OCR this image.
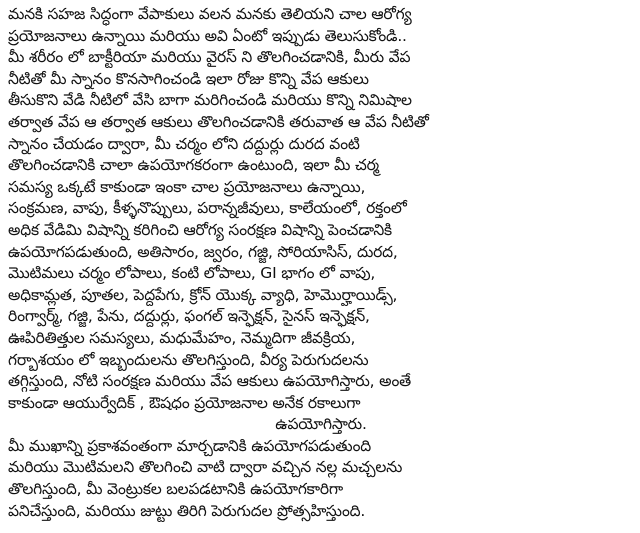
మనకి సహజ సిద్ధంగా వేపాకులు వలన మనకు తెలియని చాల ఆరోగ్య
ప్రయోజనాలు ఉన్నాయి మరియు అవి ఏంటో ఇప్పుడు తెలుసుకోండి..
మీ శరీరం లో బాక్టీరియా మరియు వైరస్ ని తొలగించడానికి, మీరు వేప
నీటితో మీ స్నానం కొనసాగించండి ఇలా రోజు కొన్ని వేప ఆకులు
తీసుకొని వేడి నీటిలో వేసి బాగా మరిగించండి మరియు కొన్ని నిమిషాల
తర్వాత వేప ఆ తర్వాత ఆకులు తొలగించడానికి తరువాత ఆ వేప నీటితో
స్నానం చేయడం ద్వారా, మీ చర్మం లోని దద్దుర్లు దురద వంటి
తొలగించడానికి చాలా ఉపయోగకరంగా ఉంటుంది, ఇలా మీ చర్మ
సమస్య ఒక్కటే కాకుండా ఇంకా చాల ప్రయోజనాలు ఉన్నాయి,
సంక్రమణ, వాపు, కీళ్ళనొప్పులు, పరాన్నజీవులు, కాలేయంలో, రక్తంలో
అధిక వేడిమి విషాన్ని కరిగించి ఆరోగ్య సంరక్షణ విషాన్ని పెంచడానికి
ఉపయోగపడుతుంది, అతిసారం, జ్వరం, గజ్జి, సోరియాసిస్, దురద,
మొటిమలు చర్మం లోపాలు, కంటి లోపాలు, GI భాగం లో వాపు,
అధికామ్లత, పూతల, పెద్దపేగు, క్రోన్ యొక్క వ్యాధి, హెమొర్హాయిడ్స్,
రింగ్వార్మ్, గజ్జి, పేను, దద్దుర్లు, ఫంగల్ ఇన్ఫెక్షన్, సైనస్ ఇన్ఫెక్షన్,
ఊపిరితిత్తుల సమస్యలు, మధుమేహం, నెమ్మదిగా జీవక్రియ,
గర్భాశయం లో ఇబ్బందులను తొలగిస్తుంది, వీర్య పెరుగుదలను
తగ్గిస్తుంది, నోటి సంరక్షణ మరియు వేప ఆకులు ఉపయోగిస్తారు, అంతే
కాకుండా ఆయుర్వేదిక్ , ఔషధం ప్రయోజనాల అనేక రకాలుగా
ఉపయోగిస్తారు.
మీ ముఖాన్ని ప్రకాశవంతంగా మార్చడానికి ఉపయోగపడుతుంది
మరియు మొటిమలని తొలగించి వాటి ద్వారా వచ్చిన నల్ల మచ్చలను
తొలగిస్తుంది, మీ వెంట్రుకల బలపడటానికి ఉపయోగకారిగా
పనిచేస్తుంది, మరియు జుట్టు తిరిగి పెరుగుదల ప్రోత్సహిస్తుంది.
